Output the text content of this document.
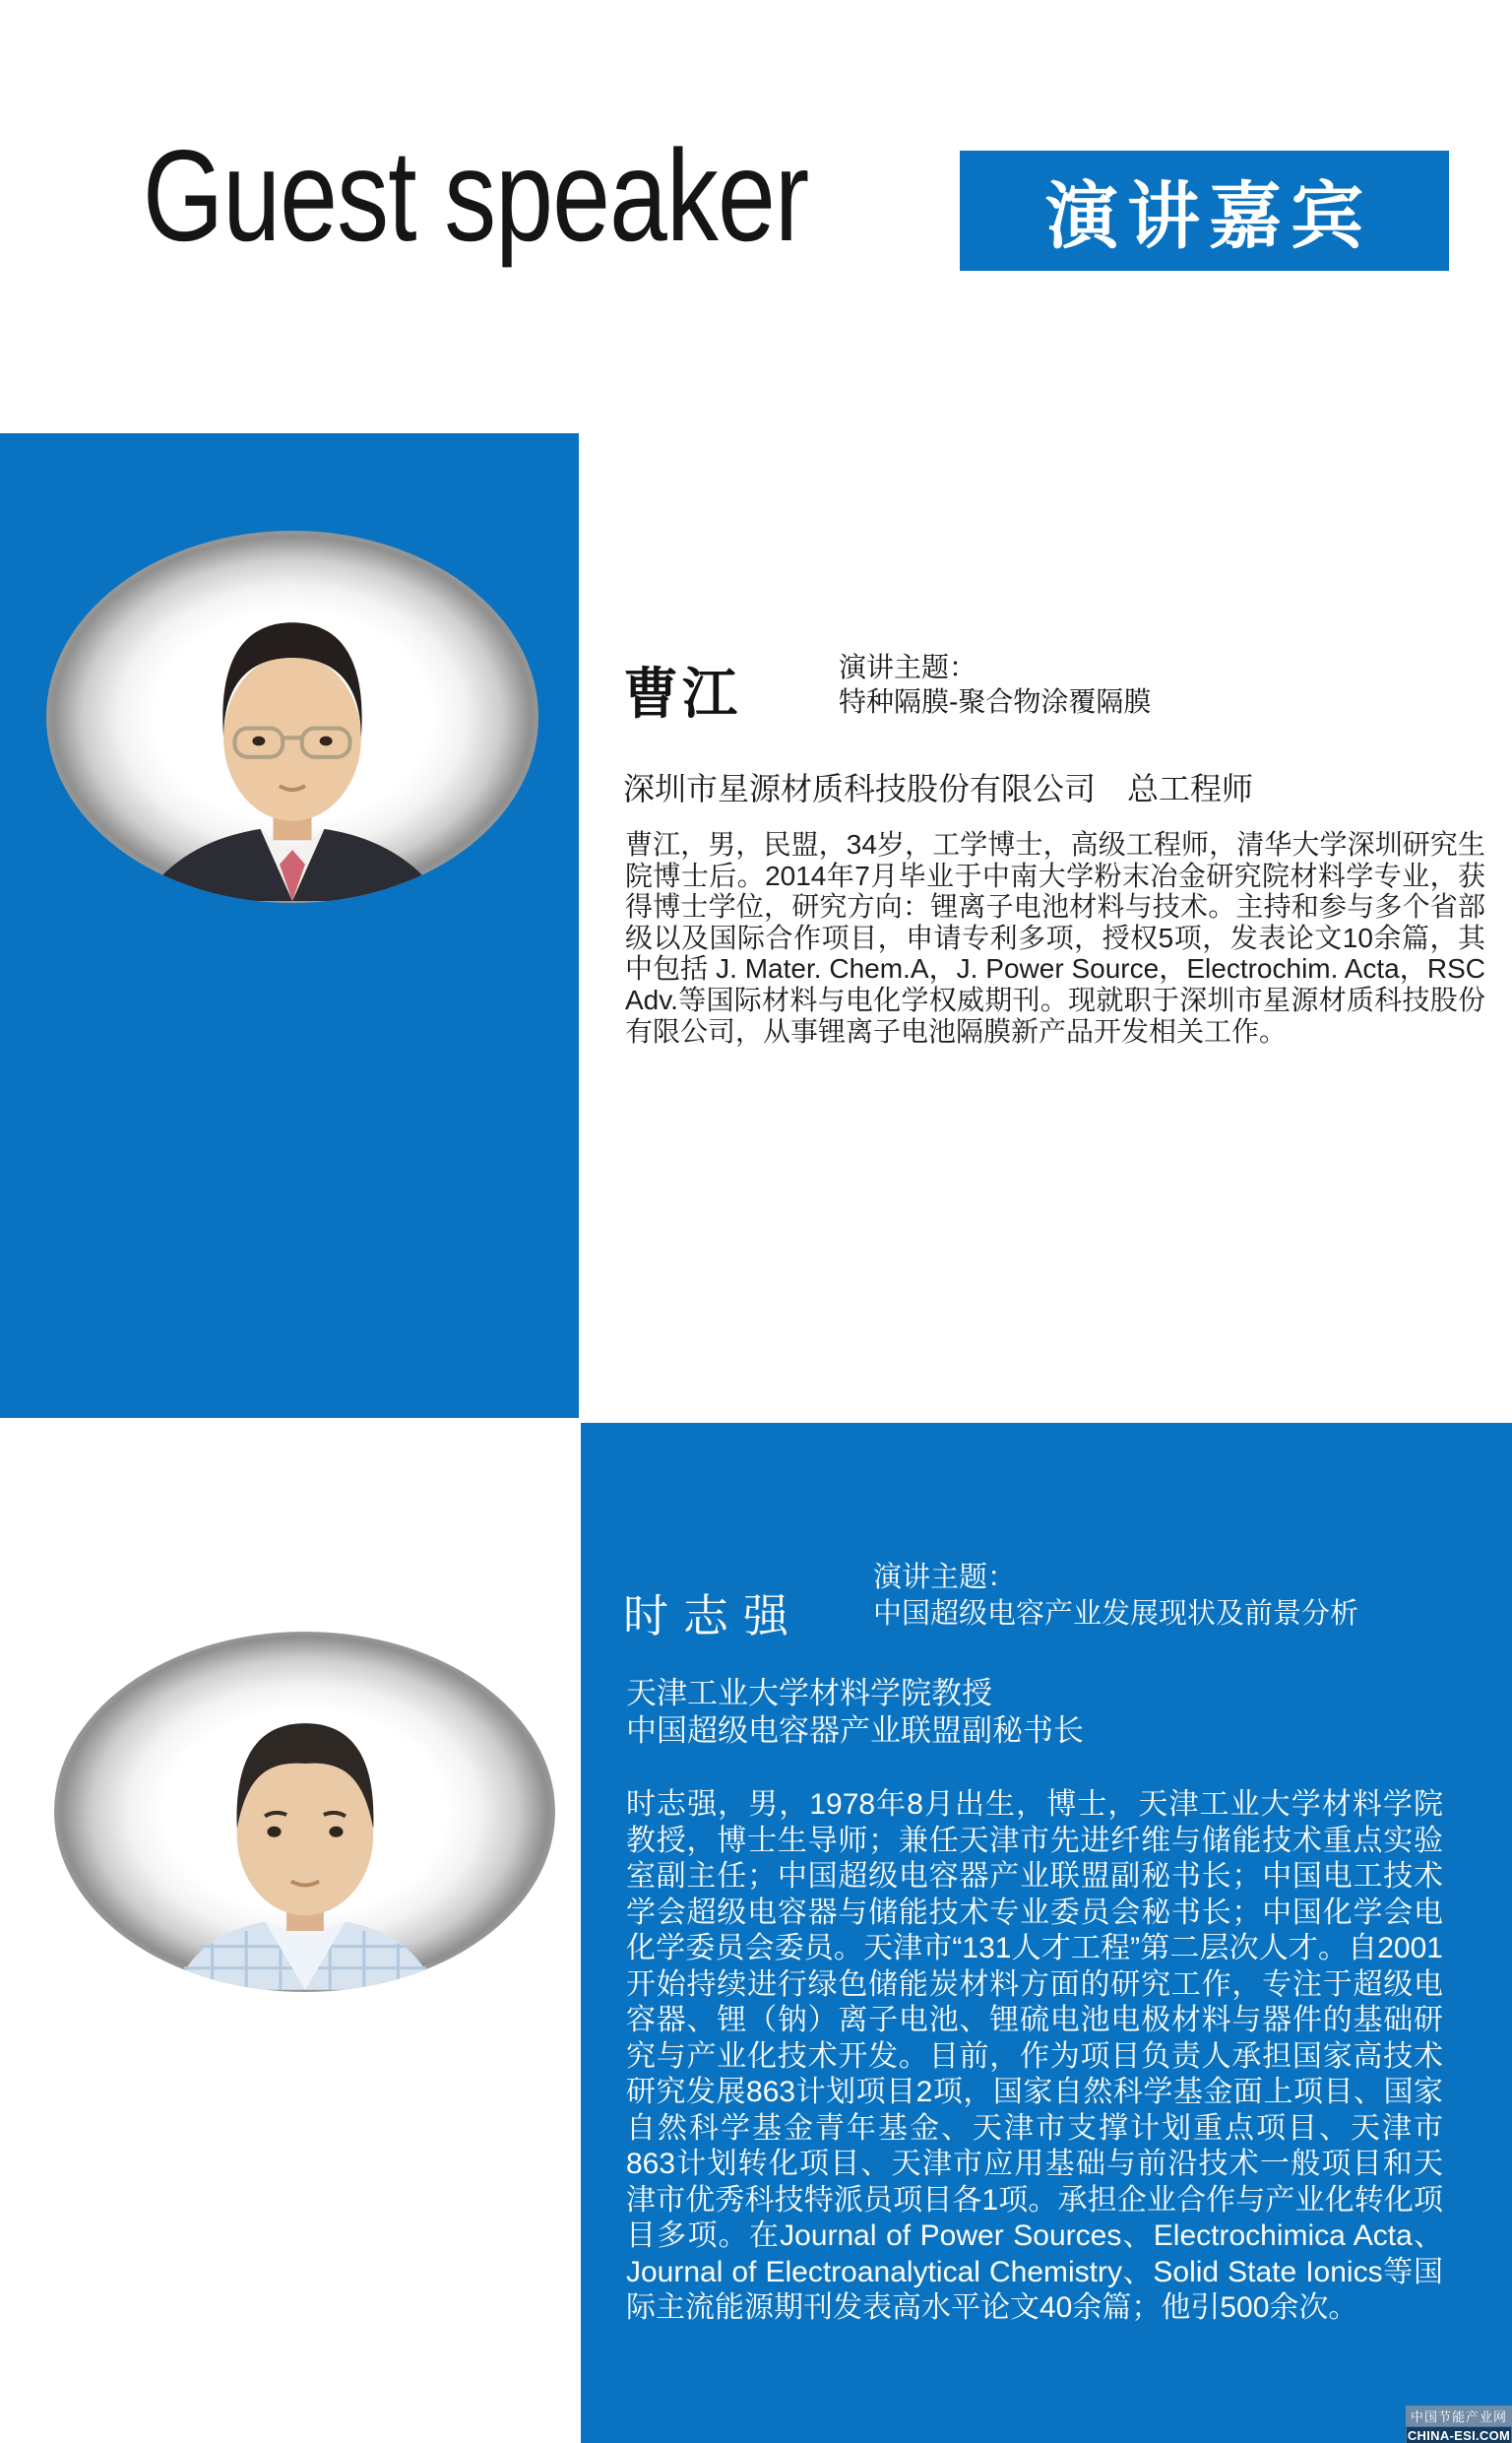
Guest speaker	演讲嘉宾
曹江	演讲主题：
特种隔膜-聚合物涂覆隔膜
深圳市星源材质科技股份有限公司　总工程师
曹江，男，民盟，34岁，工学博士，高级工程师，清华大学深圳研究生院博士后。2014年7月毕业于中南大学粉末冶金研究院材料学专业，获得博士学位，研究方向：锂离子电池材料与技术。主持和参与多个省部级以及国际合作项目，申请专利多项，授权5项，发表论文10余篇，其中包括 J. Mater. Chem.A，J. Power Source，Electrochim. Acta，RSC Adv.等国际材料与电化学权威期刊。现就职于深圳市星源材质科技股份有限公司，从事锂离子电池隔膜新产品开发相关工作。
时志强
演讲主题：
中国超级电容产业发展现状及前景分析
天津工业大学材料学院教授
中国超级电容器产业联盟副秘书长
时志强，男，1978年8月出生，博士，天津工业大学材料学院教授，博士生导师；兼任天津市先进纤维与储能技术重点实验室副主任；中国超级电容器产业联盟副秘书长；中国电工技术学会超级电容器与储能技术专业委员会秘书长；中国化学会电化学委员会委员。天津市“131人才工程”第二层次人才。自2001开始持续进行绿色储能炭材料方面的研究工作，专注于超级电容器、锂（钠）离子电池、锂硫电池电极材料与器件的基础研究与产业化技术开发。目前，作为项目负责人承担国家高技术研究发展863计划项目2项，国家自然科学基金面上项目、国家自然科学基金青年基金、天津市支撑计划重点项目、天津市863计划转化项目、天津市应用基础与前沿技术一般项目和天津市优秀科技特派员项目各1项。承担企业合作与产业化转化项目多项。在Journal of Power Sources、Electrochimica Acta、Journal of Electroanalytical Chemistry、Solid State Ionics等国际主流能源期刊发表高水平论文40余篇；他引500余次。
中国节能产业网
CHINA-ESI.COM
